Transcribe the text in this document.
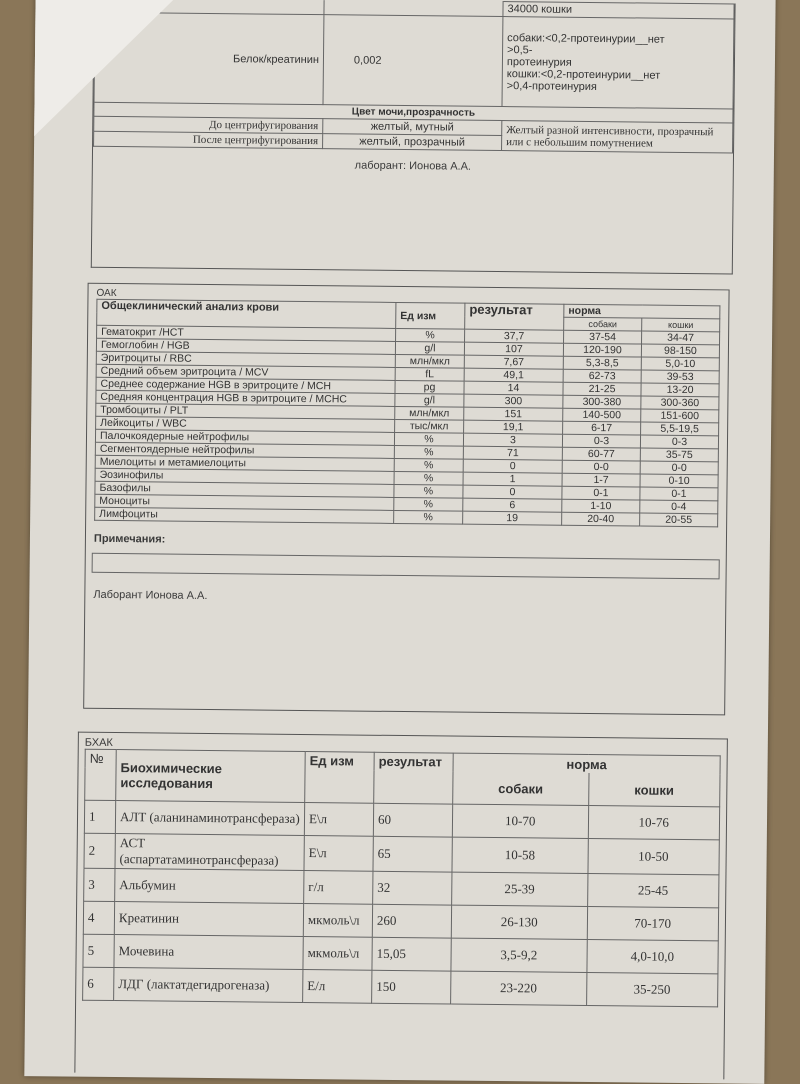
		34000 кошки
Белок/креатинин	0,002	собаки:<0,2-протеинурии__нет
>0,5-
протеинурия
кошки:<0,2-протеинурии__нет
>0,4-протеинурия

Цвет мочи,прозрачность		
До центрифугирования	желтый, мутный	Желтый разной интенсивности, прозрачный или с небольшим помутнением
После центрифугирования	желтый, прозрачный	
лаборант: Ионова А.А.
ОАК
Общеклинический анализ крови	Ед изм	результат	норма	
			собаки	кошки
Гематокрит /HCT	%	37,7	37-54	34-47
Гемоглобин / HGB	g/l	107	120-190	98-150
Эритроциты / RBC	млн/мкл	7,67	5,3-8,5	5,0-10
Средний объем эритроцита / MCV	fL	49,1	62-73	39-53
Среднее содержание HGB в эритроците / MCH	pg	14	21-25	13-20
Средняя концентрация HGB в эритроците / MCHC	g/l	300	300-380	300-360
Тромбоциты / PLT	млн/мкл	151	140-500	151-600
Лейкоциты / WBC	тыс/мкл	19,1	6-17	5,5-19,5
Палочкоядерные нейтрофилы	%	3	0-3	0-3
Сегментоядерные нейтрофилы	%	71	60-77	35-75
Миелоциты и метамиелоциты	%	0	0-0	0-0
Эозинофилы	%	1	1-7	0-10
Базофилы	%	0	0-1	0-1
Моноциты	%	6	1-10	0-4
Лимфоциты	%	19	20-40	20-55
Примечания:
Лаборант Ионова А.А.
БХАК
№	Биохимические исследования	Ед изм	результат	норма	
				собаки	кошки
1	АЛТ (аланинаминотрансфераза)	Е\л	60	10-70	10-76
2	АСТ (аспартатаминотрансфераза)	Е\л	65	10-58	10-50
3	Альбумин	г/л	32	25-39	25-45
4	Креатинин	мкмоль\л	260	26-130	70-170
5	Мочевина	мкмоль\л	15,05	3,5-9,2	4,0-10,0
6	ЛДГ (лактатдегидрогеназа)	Е/л	150	23-220	35-250
